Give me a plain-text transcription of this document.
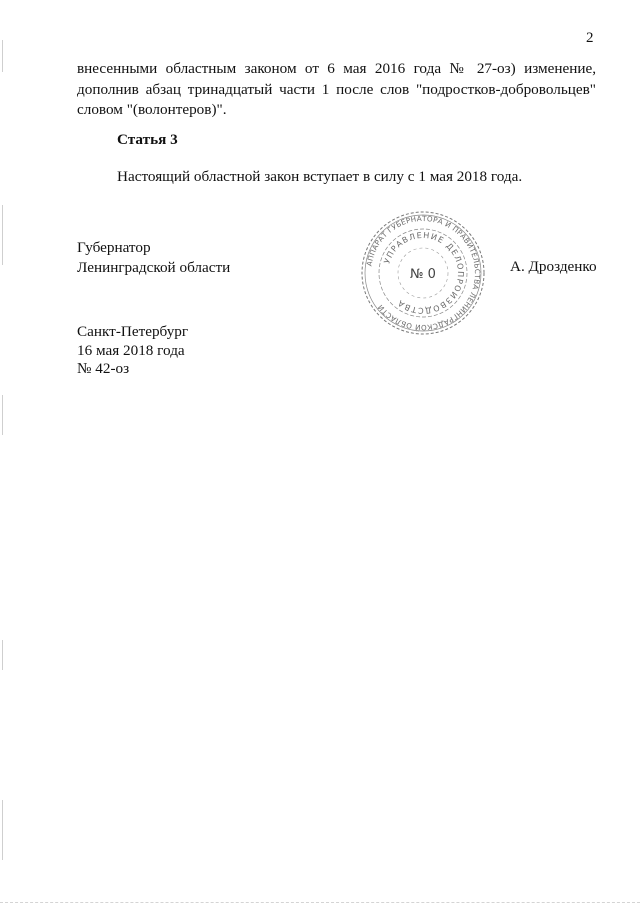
2
внесенными областным законом от 6 мая 2016 года № 27-оз) изменение,
дополнив абзац тринадцатый части 1 после слов "подростков-добровольцев"
словом "(волонтеров)".
Статья 3
Настоящий областной закон вступает в силу с 1 мая 2018 года.
Губернатор
Ленинградской области	А. Дрозденко
АППАРАТ ГУБЕРНАТОРА И ПРАВИТЕЛЬСТВА ЛЕНИНГРАДСКОЙ ОБЛАСТИ
УПРАВЛЕНИЕ ДЕЛОПРОИЗВОДСТВА
№ 0
Санкт-Петербург
16 мая 2018 года
№ 42-оз
